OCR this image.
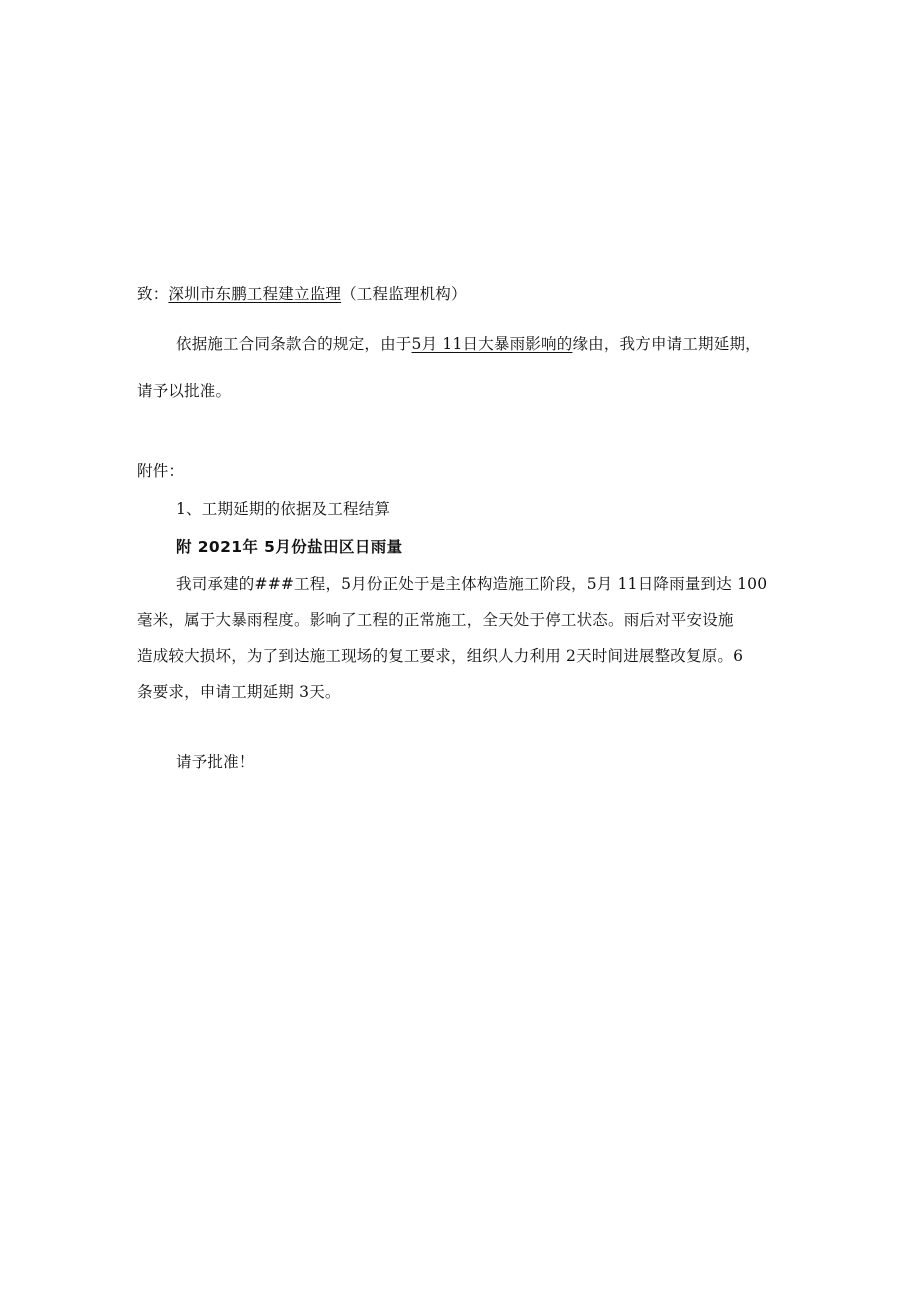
致：深圳市东鹏工程建立监理（工程监理机构）
依据施工合同条款合的规定，由于5月 11日大暴雨影响的缘由，我方申请工期延期，
请予以批准。
附件：
1、工期延期的依据及工程结算
附 2021年 5月份盐田区日雨量
我司承建的###工程，5月份正处于是主体构造施工阶段，5月 11日降雨量到达 100
毫米，属于大暴雨程度。影响了工程的正常施工，全天处于停工状态。雨后对平安设施
造成较大损坏，为了到达施工现场的复工要求，组织人力利用 2天时间进展整改复原。6
条要求，申请工期延期 3天。
请予批准！
